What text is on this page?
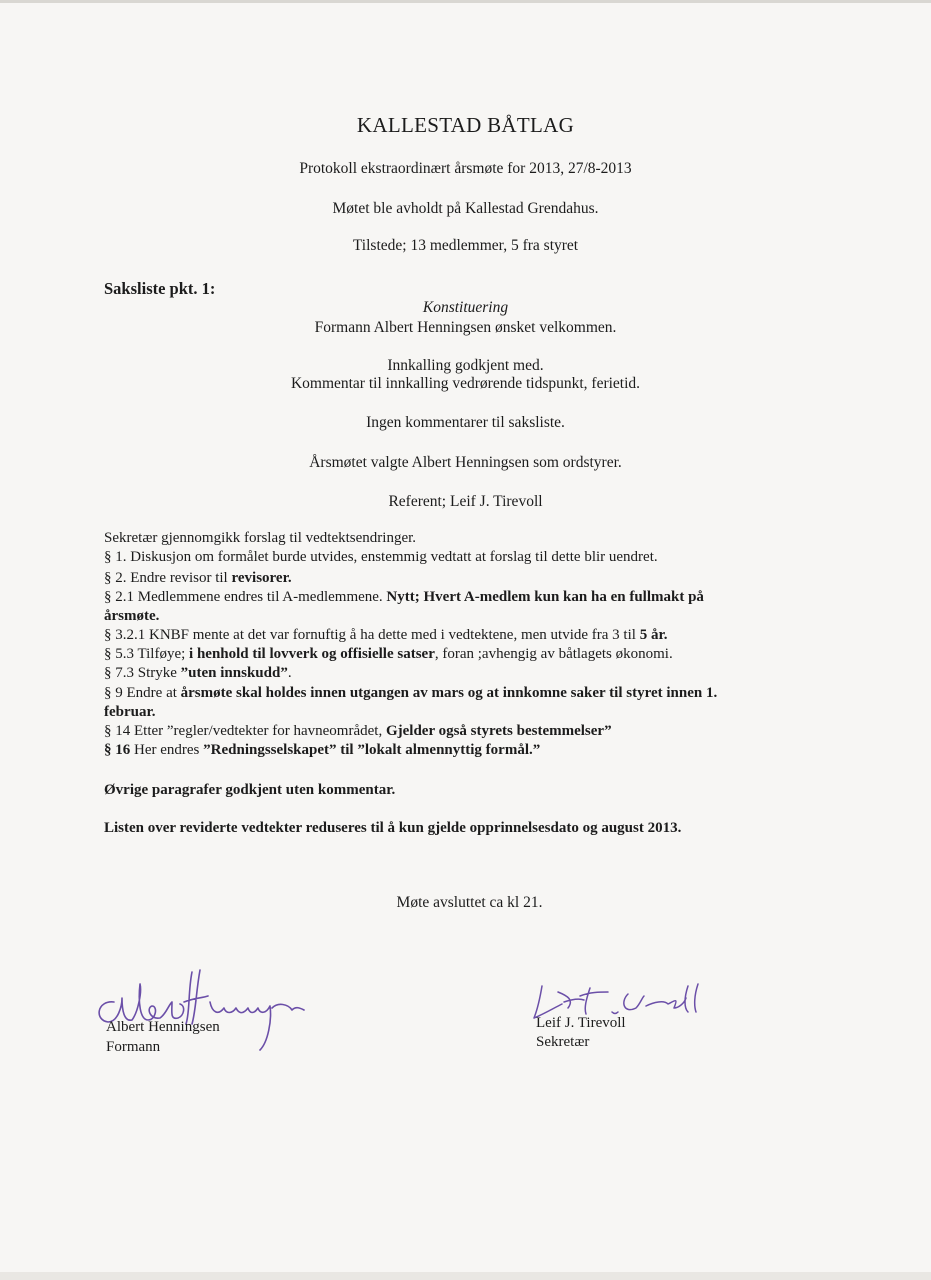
KALLESTAD BÅTLAG
Protokoll ekstraordinært årsmøte for 2013, 27/8-2013
Møtet ble avholdt på Kallestad Grendahus.
Tilstede; 13 medlemmer, 5 fra styret
Saksliste pkt. 1:
Konstituering
Formann Albert Henningsen ønsket velkommen.
Innkalling godkjent med.
Kommentar til innkalling vedrørende tidspunkt, ferietid.
Ingen kommentarer til saksliste.
Årsmøtet valgte Albert Henningsen som ordstyrer.
Referent; Leif J. Tirevoll
Sekretær gjennomgikk forslag til vedtektsendringer.
§ 1. Diskusjon om formålet burde utvides, enstemmig vedtatt at forslag til dette blir uendret.
§ 2. Endre revisor til revisorer.
§ 2.1 Medlemmene endres til A-medlemmene. Nytt; Hvert A-medlem kun kan ha en fullmakt på
årsmøte.
§ 3.2.1 KNBF mente at det var fornuftig å ha dette med i vedtektene, men utvide fra 3 til 5 år.
§ 5.3 Tilføye; i henhold til lovverk og offisielle satser, foran ;avhengig av båtlagets økonomi.
§ 7.3 Stryke ”uten innskudd”.
§ 9 Endre at årsmøte skal holdes innen utgangen av mars og at innkomne saker til styret innen 1.
februar.
§ 14 Etter ”regler/vedtekter for havneområdet, Gjelder også styrets bestemmelser”
§ 16 Her endres ”Redningsselskapet” til ”lokalt almennyttig formål.”
Øvrige paragrafer godkjent uten kommentar.
Listen over reviderte vedtekter reduseres til å kun gjelde opprinnelsesdato og august 2013.
Møte avsluttet ca kl 21.
Albert Henningsen
Formann
Leif J. Tirevoll
Sekretær
